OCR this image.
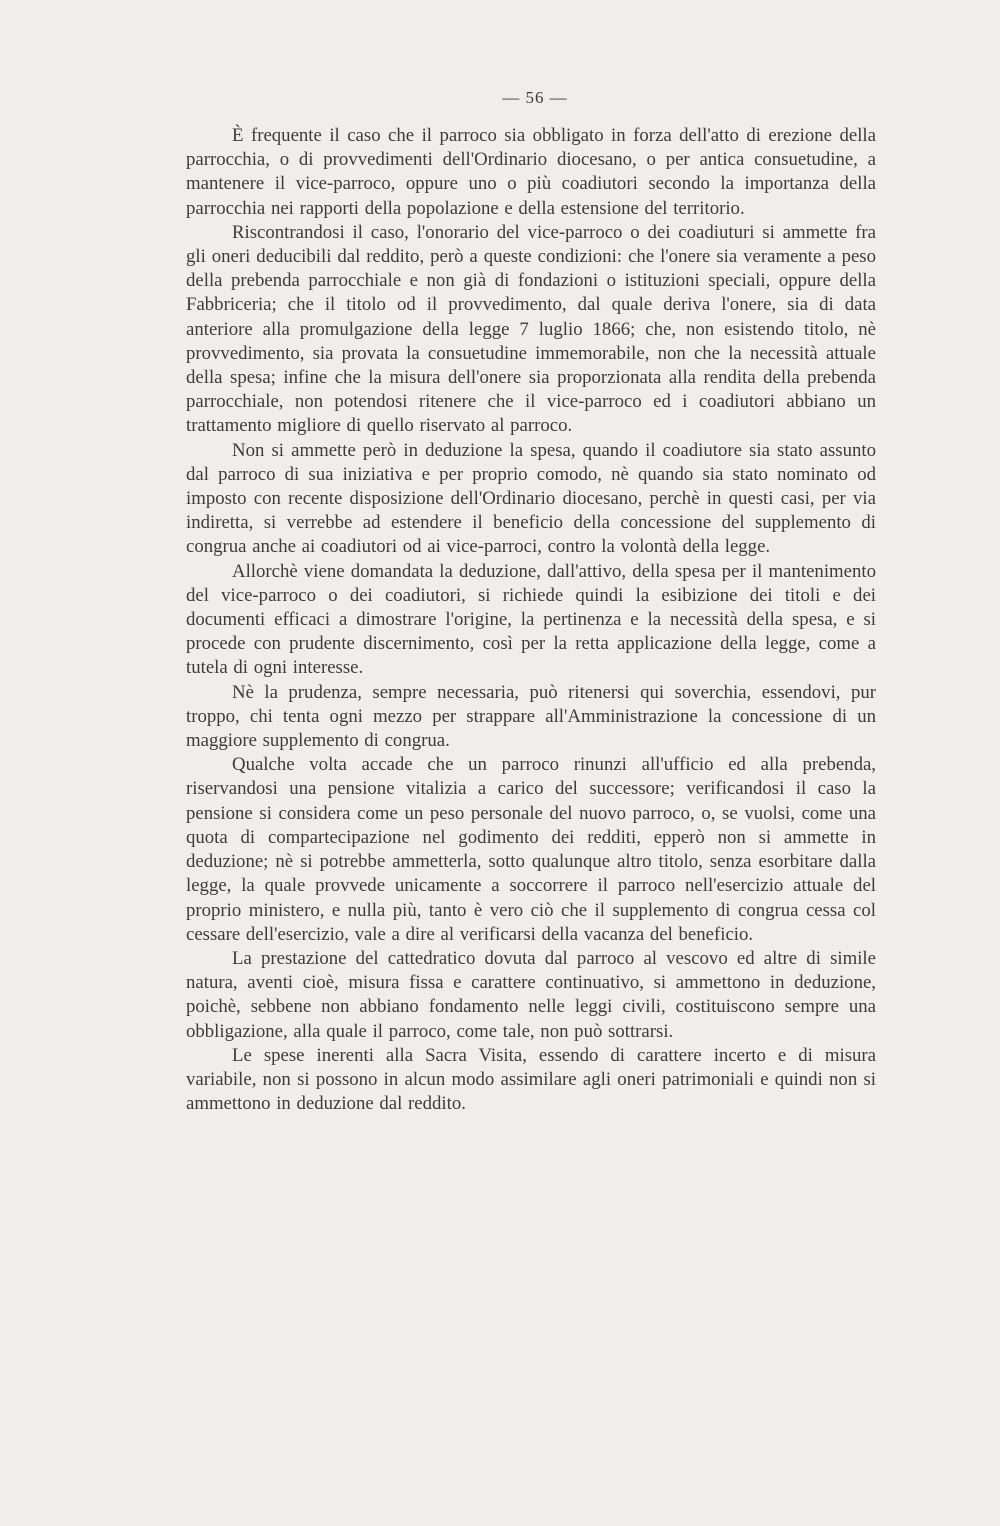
— 56 —

È frequente il caso che il parroco sia obbligato in forza dell'atto di erezione della parrocchia, o di provvedimenti dell'Ordinario diocesano, o per antica consuetudine, a mantenere il vice-parroco, oppure uno o più coadiutori secondo la importanza della parrocchia nei rapporti della popolazione e della estensione del territorio.

Riscontrandosi il caso, l'onorario del vice-parroco o dei coadiuturi si ammette fra gli oneri deducibili dal reddito, però a queste condizioni: che l'onere sia veramente a peso della prebenda parrocchiale e non già di fondazioni o istituzioni speciali, oppure della Fabbriceria; che il titolo od il provvedimento, dal quale deriva l'onere, sia di data anteriore alla promulgazione della legge 7 luglio 1866; che, non esistendo titolo, nè provvedimento, sia provata la consuetudine immemorabile, non che la necessità attuale della spesa; infine che la misura dell'onere sia proporzionata alla rendita della prebenda parrocchiale, non potendosi ritenere che il vice-parroco ed i coadiutori abbiano un trattamento migliore di quello riservato al parroco.

Non si ammette però in deduzione la spesa, quando il coadiutore sia stato assunto dal parroco di sua iniziativa e per proprio comodo, nè quando sia stato nominato od imposto con recente disposizione dell'Ordinario diocesano, perchè in questi casi, per via indiretta, si verrebbe ad estendere il beneficio della concessione del supplemento di congrua anche ai coadiutori od ai vice-parroci, contro la volontà della legge.

Allorchè viene domandata la deduzione, dall'attivo, della spesa per il mantenimento del vice-parroco o dei coadiutori, si richiede quindi la esibizione dei titoli e dei documenti efficaci a dimostrare l'origine, la pertinenza e la necessità della spesa, e si procede con prudente discernimento, così per la retta applicazione della legge, come a tutela di ogni interesse.

Nè la prudenza, sempre necessaria, può ritenersi qui soverchia, essendovi, pur troppo, chi tenta ogni mezzo per strappare all'Amministrazione la concessione di un maggiore supplemento di congrua.

Qualche volta accade che un parroco rinunzi all'ufficio ed alla prebenda, riservandosi una pensione vitalizia a carico del successore; verificandosi il caso la pensione si considera come un peso personale del nuovo parroco, o, se vuolsi, come una quota di compartecipazione nel godimento dei redditi, epperò non si ammette in deduzione; nè si potrebbe ammetterla, sotto qualunque altro titolo, senza esorbitare dalla legge, la quale provvede unicamente a soccorrere il parroco nell'esercizio attuale del proprio ministero, e nulla più, tanto è vero ciò che il supplemento di congrua cessa col cessare dell'esercizio, vale a dire al verificarsi della vacanza del beneficio.

La prestazione del cattedratico dovuta dal parroco al vescovo ed altre di simile natura, aventi cioè, misura fissa e carattere continuativo, si ammettono in deduzione, poichè, sebbene non abbiano fondamento nelle leggi civili, costituiscono sempre una obbligazione, alla quale il parroco, come tale, non può sottrarsi.

Le spese inerenti alla Sacra Visita, essendo di carattere incerto e di misura variabile, non si possono in alcun modo assimilare agli oneri patrimoniali e quindi non si ammettono in deduzione dal reddito.
